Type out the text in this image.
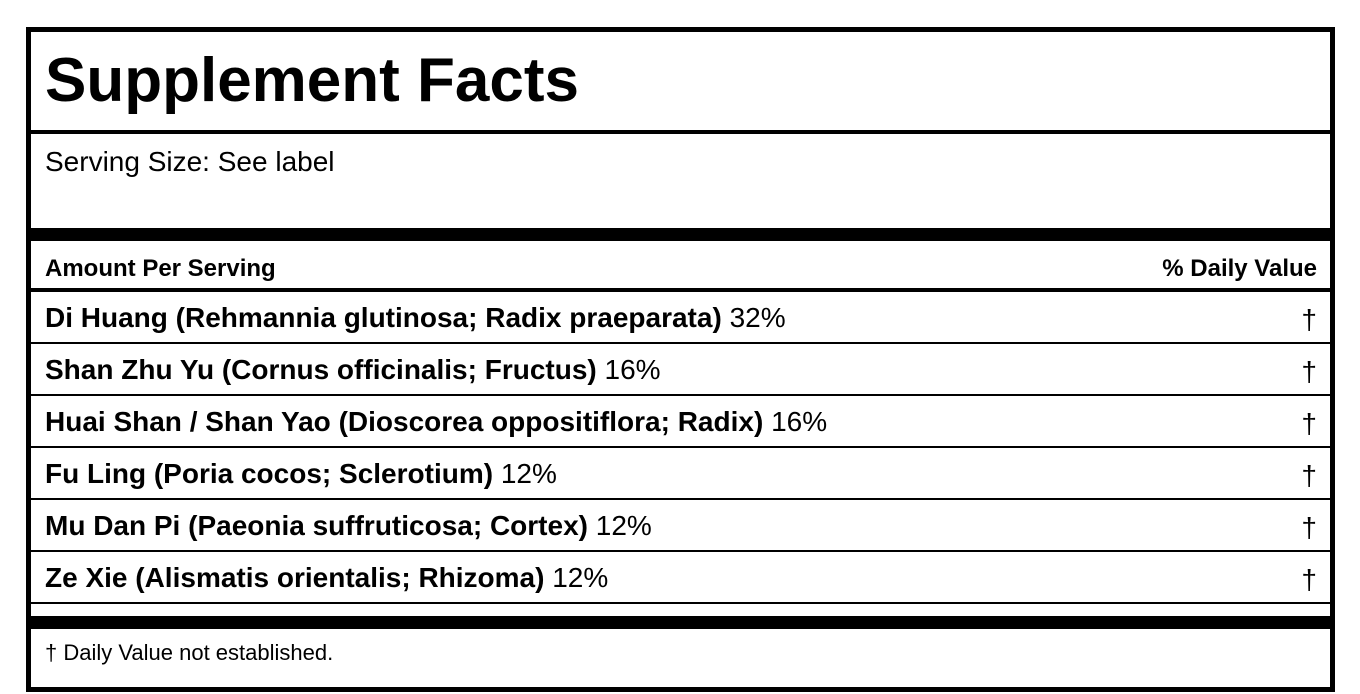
Supplement Facts
Serving Size: See label
Amount Per Serving	% Daily Value
Di Huang (Rehmannia glutinosa; Radix praeparata) 32%	†
Shan Zhu Yu (Cornus officinalis; Fructus) 16%	†
Huai Shan / Shan Yao (Dioscorea oppositiflora; Radix) 16%	†
Fu Ling (Poria cocos; Sclerotium) 12%	†
Mu Dan Pi (Paeonia suffruticosa; Cortex) 12%	†
Ze Xie (Alismatis orientalis; Rhizoma) 12%	†
† Daily Value not established.
